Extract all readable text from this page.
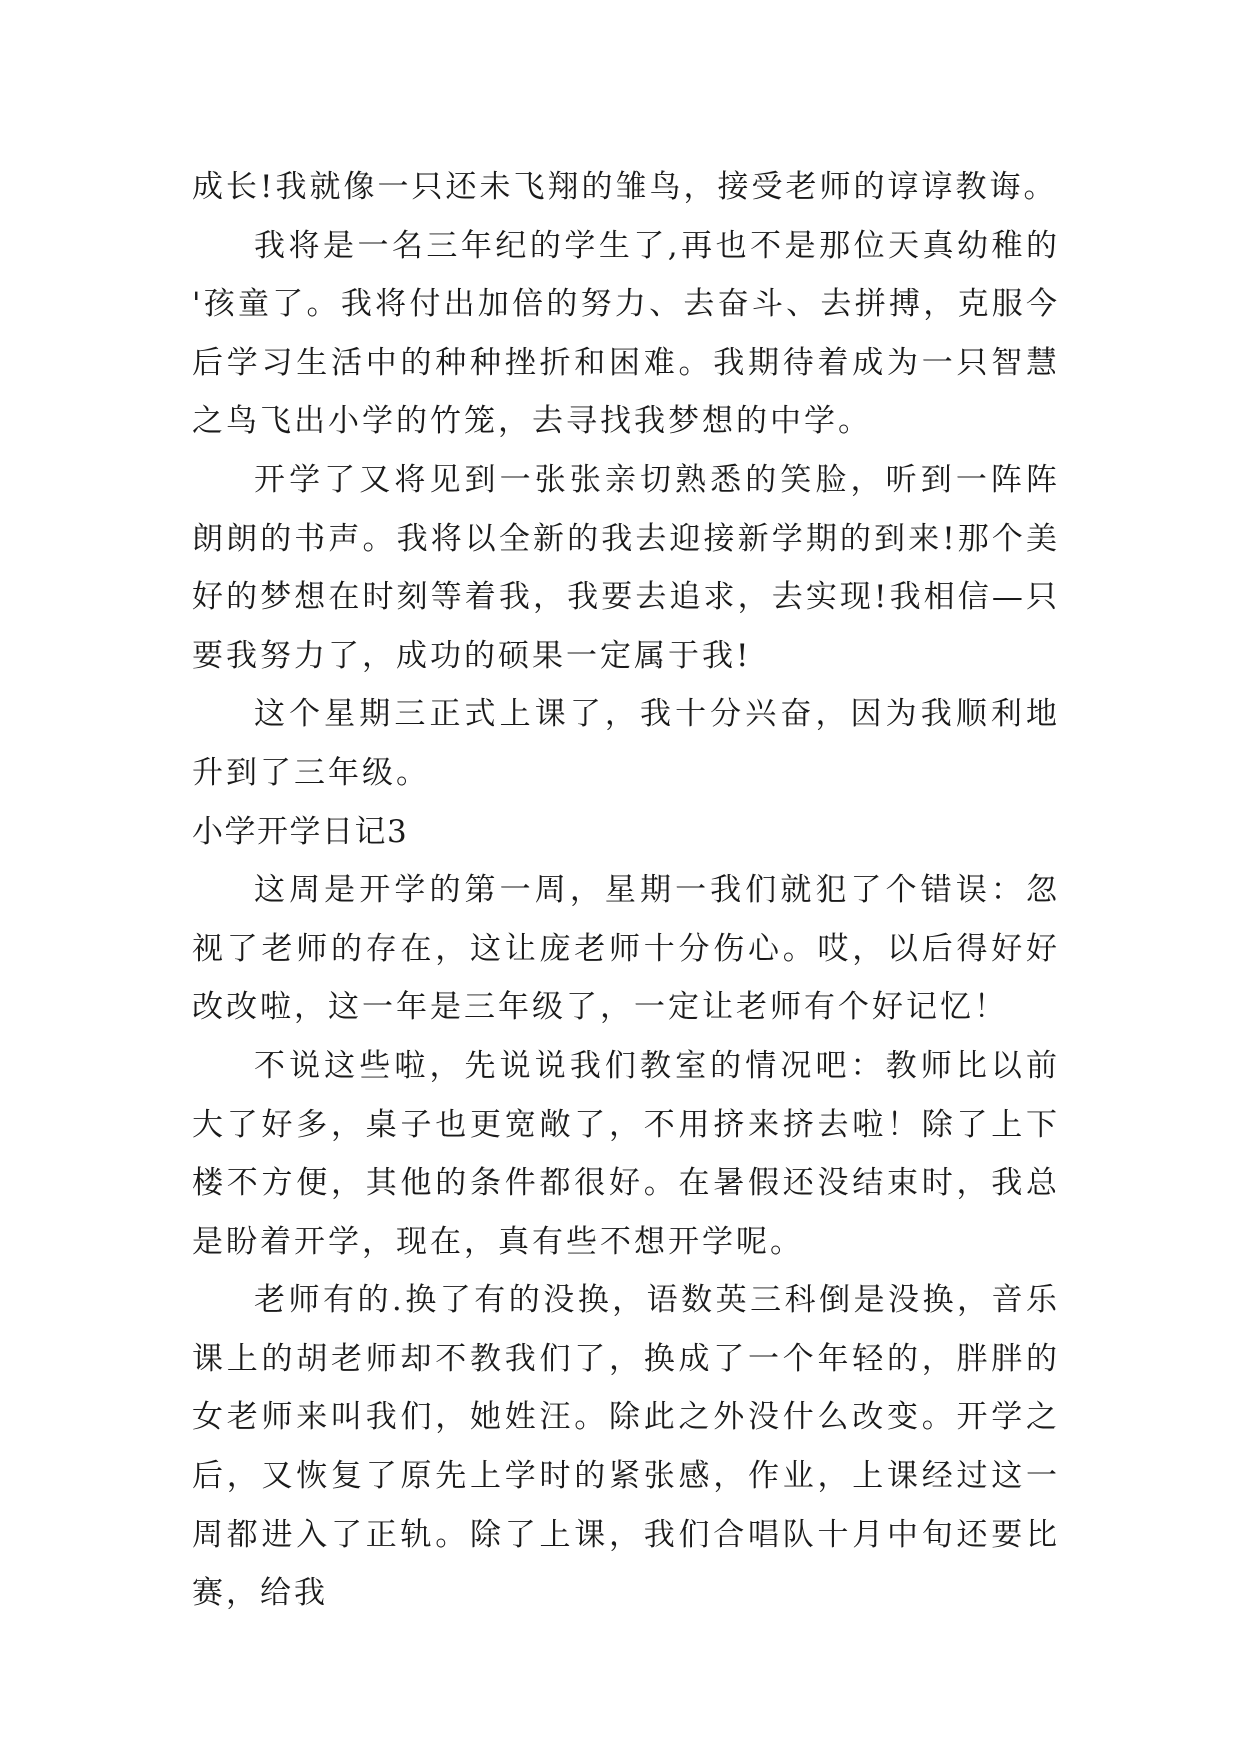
成长!我就像一只还未飞翔的雏鸟，接受老师的谆谆教诲。

我将是一名三年纪的学生了,再也不是那位天真幼稚的'孩童了。我将付出加倍的努力、去奋斗、去拼搏，克服今后学习生活中的种种挫折和困难。我期待着成为一只智慧之鸟飞出小学的竹笼，去寻找我梦想的中学。

开学了又将见到一张张亲切熟悉的笑脸，听到一阵阵朗朗的书声。我将以全新的我去迎接新学期的到来!那个美好的梦想在时刻等着我，我要去追求，去实现!我相信—只要我努力了，成功的硕果一定属于我!

这个星期三正式上课了，我十分兴奋，因为我顺利地升到了三年级。

小学开学日记3

这周是开学的第一周，星期一我们就犯了个错误：忽视了老师的存在，这让庞老师十分伤心。哎，以后得好好改改啦，这一年是三年级了，一定让老师有个好记忆！

不说这些啦，先说说我们教室的情况吧：教师比以前大了好多，桌子也更宽敞了，不用挤来挤去啦！除了上下楼不方便，其他的条件都很好。在暑假还没结束时，我总是盼着开学，现在，真有些不想开学呢。

老师有的.换了有的没换，语数英三科倒是没换，音乐课上的胡老师却不教我们了，换成了一个年轻的，胖胖的女老师来叫我们，她姓汪。除此之外没什么改变。开学之后，又恢复了原先上学时的紧张感，作业，上课经过这一周都进入了正轨。除了上课，我们合唱队十月中旬还要比赛，给我
